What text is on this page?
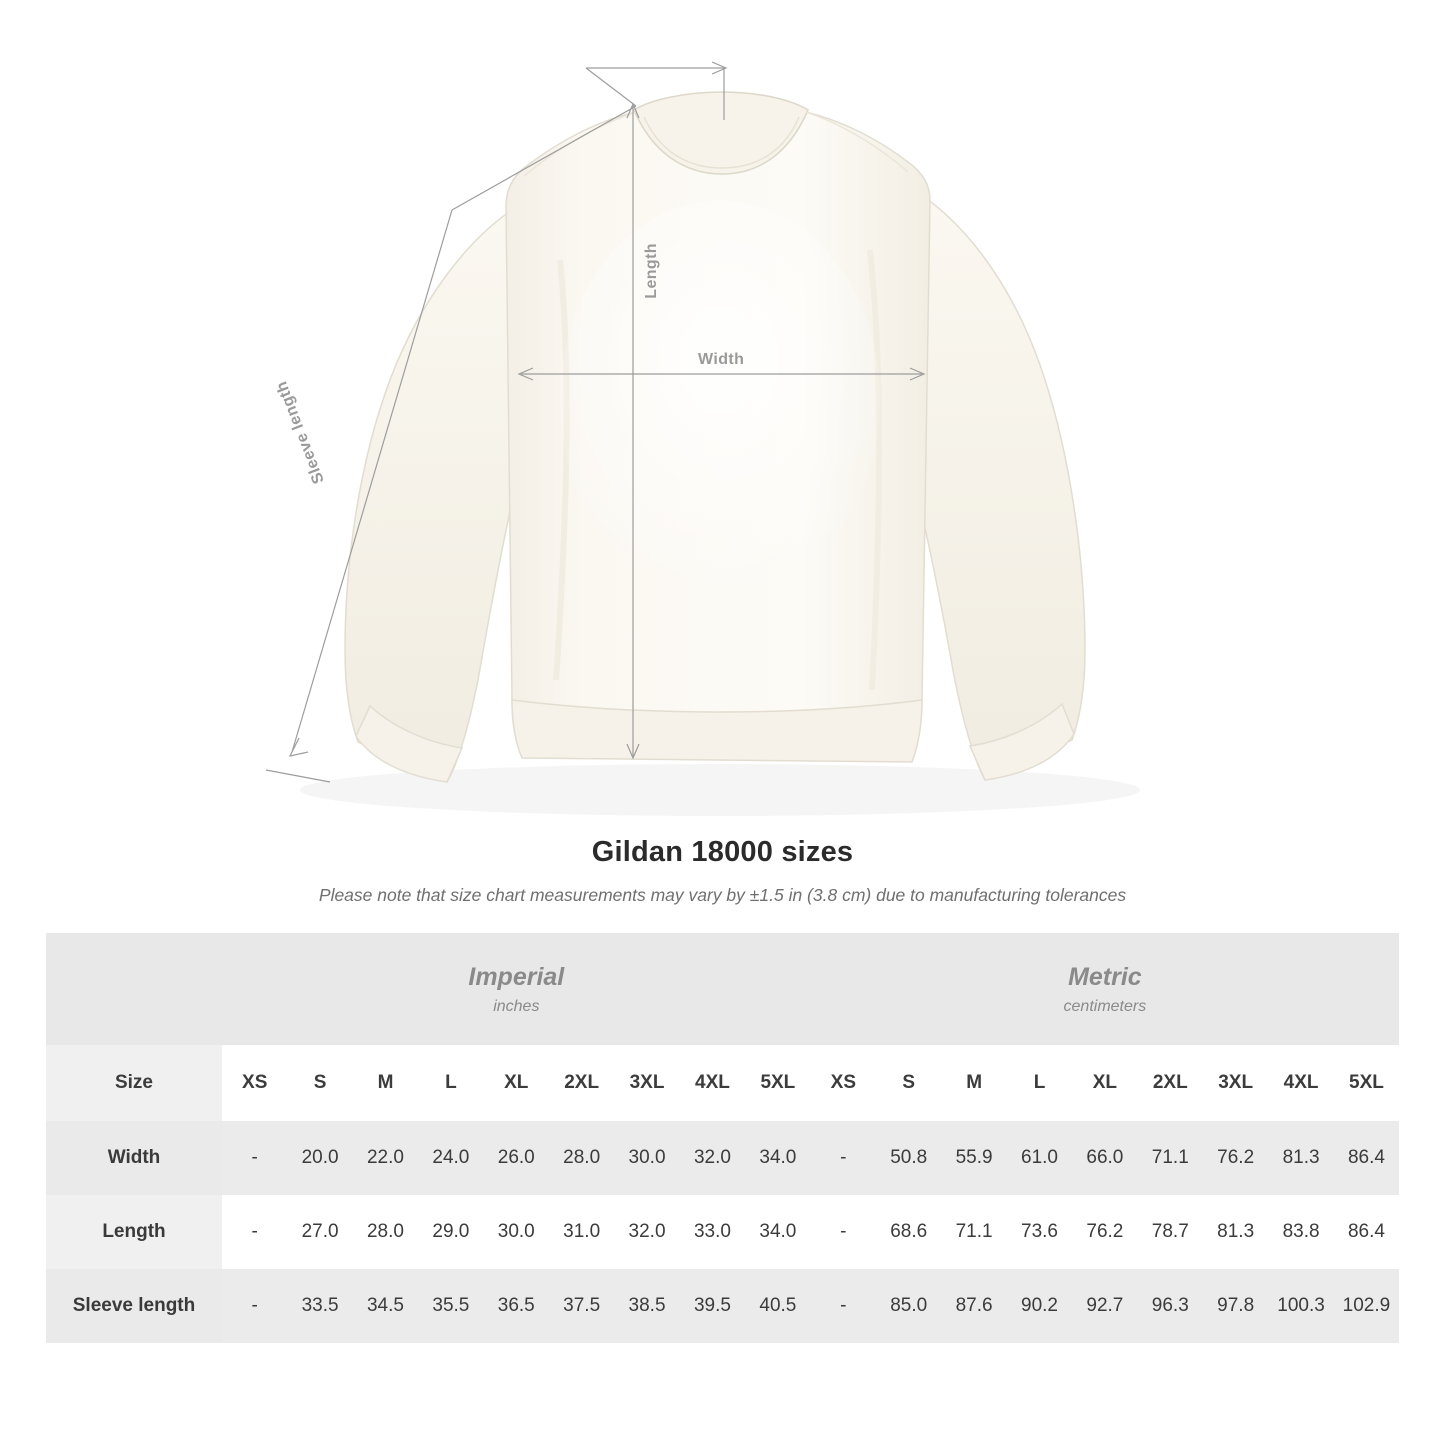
Length
Width
Sleeve length
Gildan 18000 sizes
Please note that size chart measurements may vary by ±1.5 in (3.8 cm) due to manufacturing tolerances

Imperial
inches

Metric
centimeters

Size	XS	S	M	L	XL	2XL	3XL	4XL	5XL	XS	S	M	L	XL	2XL	3XL	4XL	5XL
Width	-	20.0	22.0	24.0	26.0	28.0	30.0	32.0	34.0	-	50.8	55.9	61.0	66.0	71.1	76.2	81.3	86.4
Length	-	27.0	28.0	29.0	30.0	31.0	32.0	33.0	34.0	-	68.6	71.1	73.6	76.2	78.7	81.3	83.8	86.4
Sleeve length	-	33.5	34.5	35.5	36.5	37.5	38.5	39.5	40.5	-	85.0	87.6	90.2	92.7	96.3	97.8	100.3	102.9
